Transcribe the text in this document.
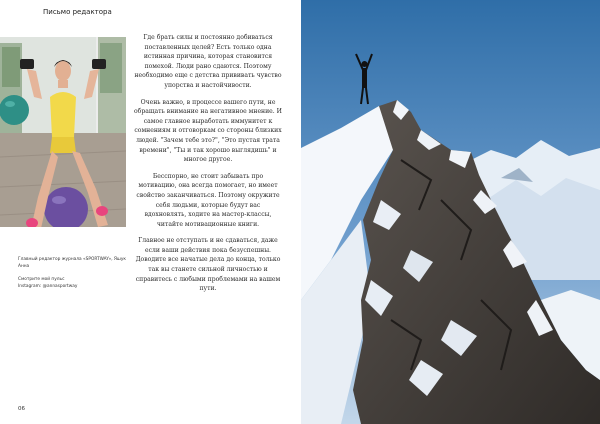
Письмо редактора

Главный редактор журнала «SPORTWAY», Яшук Анна

Смотрите мой пульс

Instagram: @annasportway

Где брать силы и постоянно добиваться поставленных целей? Есть только одна истинная причина, которая становится помехой. Люди рано сдаются. Поэтому необходимо еще с детства прививать чувство упорства и настойчивости.

Очень важно, в процессе вашего пути, не обращать внимание на негативное мнение. И самое главное выработать иммунитет к сомнениям и отговоркам со стороны близких людей. "Зачем тебе это?", "Это пустая трата времени", "Ты и так хорошо выглядишь" и многое другое.

Бесспорно, не стоит забывать про мотивацию, она всегда помогает, но имеет свойство заканчиваться. Поэтому окружите себя людьми, которые будут вас вдохновлять, ходите на мастер-классы, читайте мотивационные книги.

Главное не отступать и не сдаваться, даже если ваши действия пока безуспешны. Доводите все начатые дела до конца, только так вы станете сильной личностью и справитесь с любыми проблемами на вашем пути.

06
